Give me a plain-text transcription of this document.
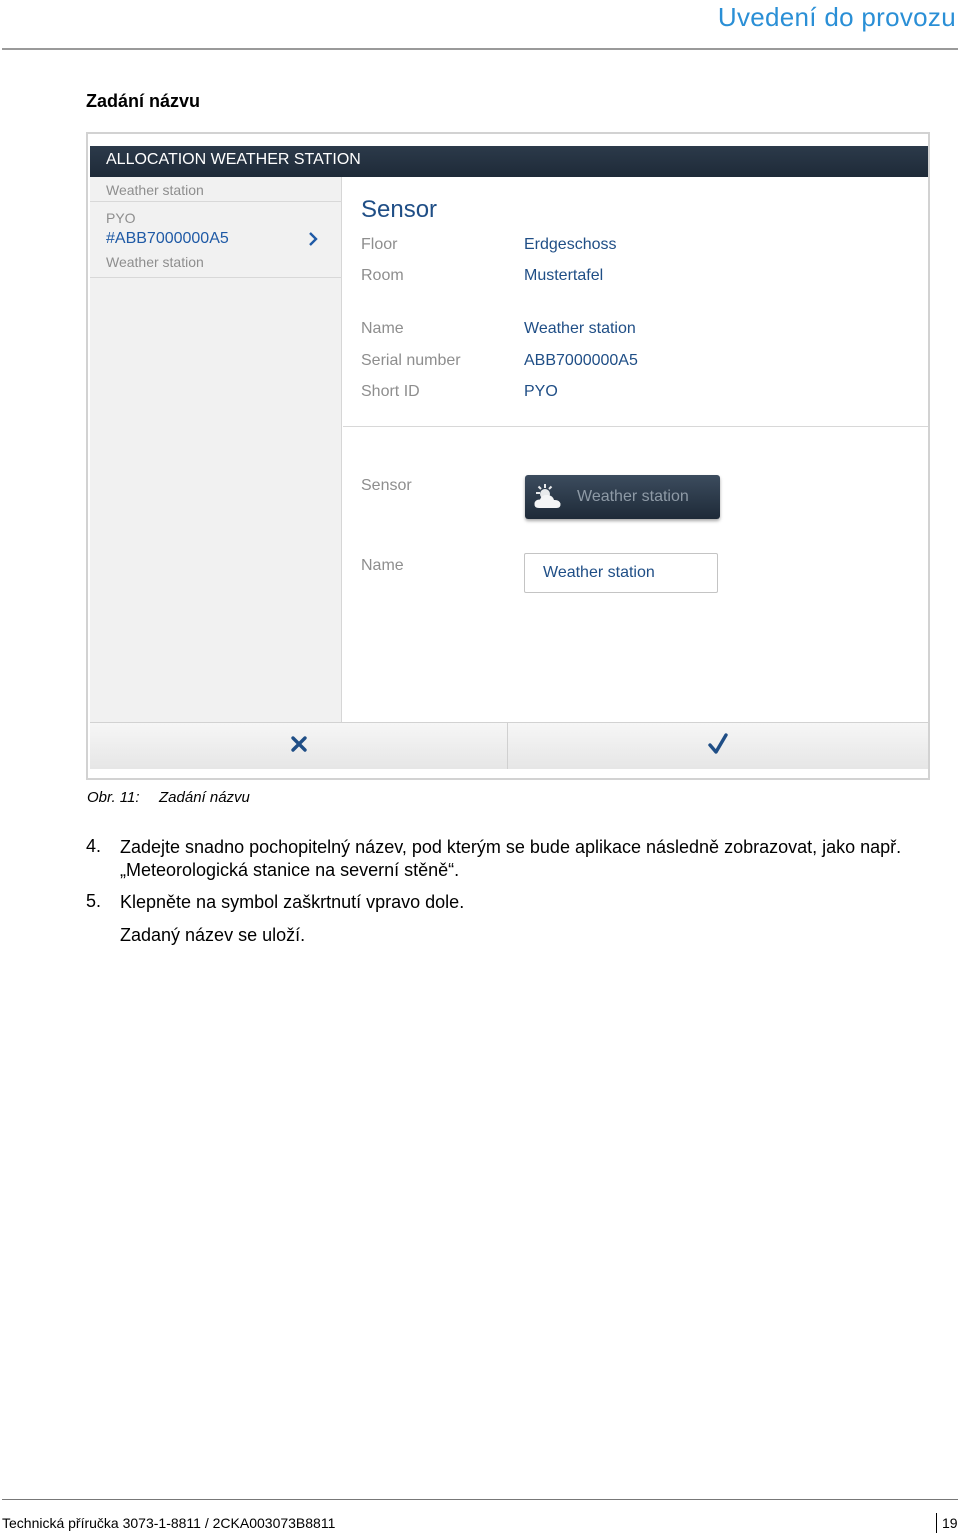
Uvedení do provozu
Zadání názvu
ALLOCATION WEATHER STATION
Weather station
PYO
#ABB7000000A5
Weather station
Sensor
Floor	Erdgeschoss
Room	Mustertafel
Name	Weather station
Serial number	ABB7000000A5
Short ID	PYO
Sensor
Weather station
Name
Weather station
Obr. 11: Zadání názvu
4. Zadejte snadno pochopitelný název, pod kterým se bude aplikace následně zobrazovat, jako např. „Meteorologická stanice na severní stěně“.
5. Klepněte na symbol zaškrtnutí vpravo dole.
Zadaný název se uloží.
Technická příručka 3073-1-8811 / 2CKA003073B8811	19
